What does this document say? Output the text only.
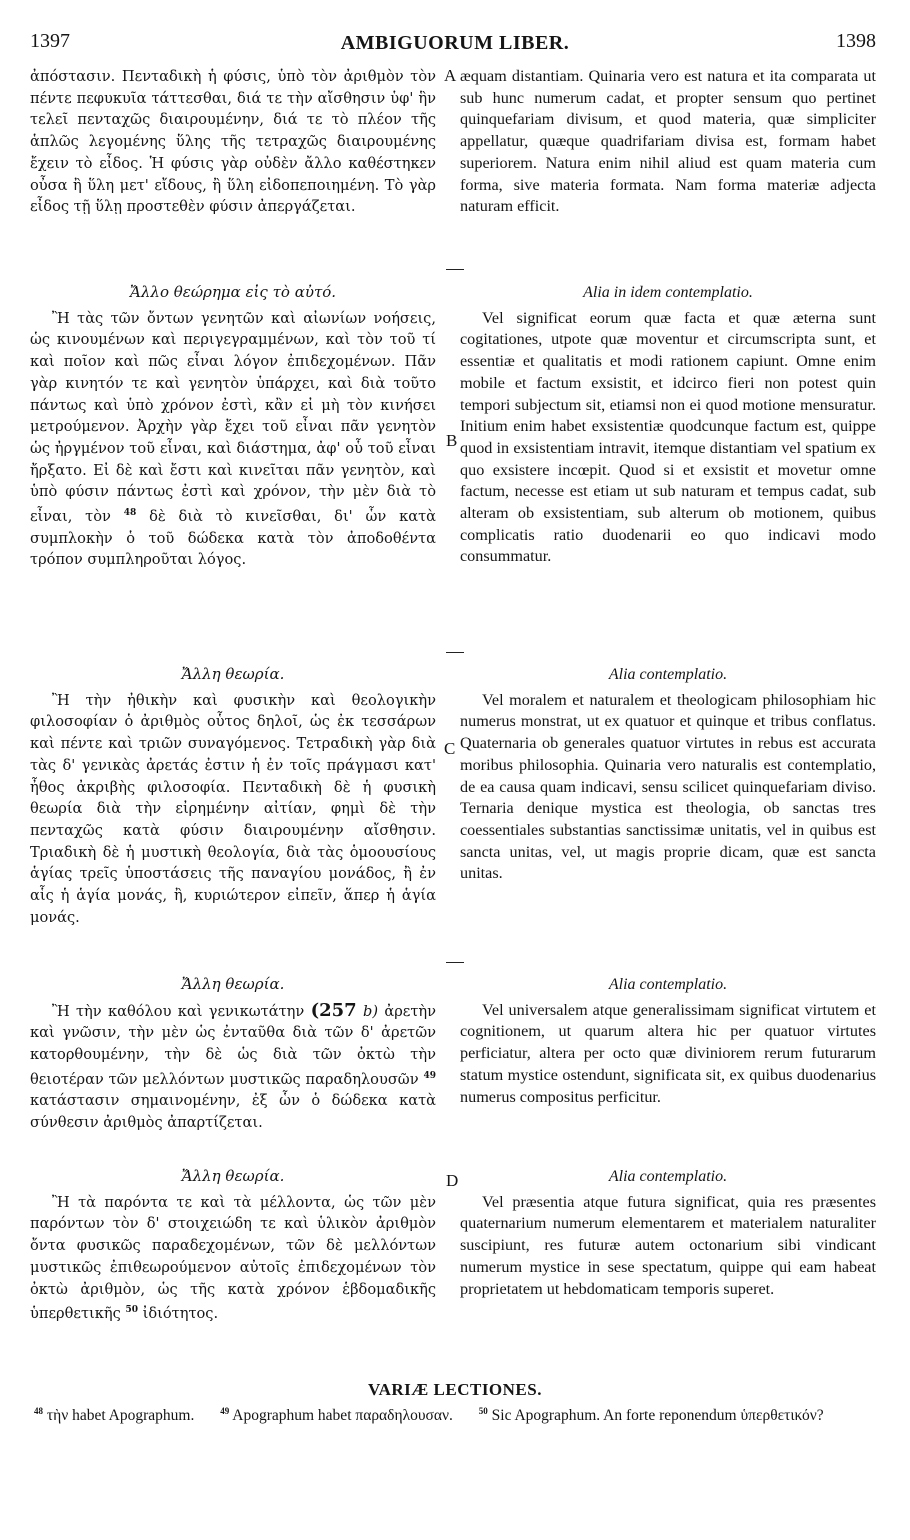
1397	AMBIGUORUM LIBER.	1398
A
B
C
D

ἀπόστασιν. Πενταδικὴ ἡ φύσις, ὑπὸ τὸν ἀριθμὸν τὸν πέντε πεφυκυῖα τάττεσθαι, διά τε τὴν αἴσθησιν ὑφ' ἣν τελεῖ πενταχῶς διαιρουμένην, διά τε τὸ πλέον τῆς ἁπλῶς λεγομένης ὕλης τῆς τετραχῶς διαιρουμένης ἔχειν τὸ εἶδος. Ἡ φύσις γὰρ οὐδὲν ἄλλο καθέστηκεν οὖσα ἢ ὕλη μετ' εἴδους, ἢ ὕλη εἰδοπεποιημένη. Τὸ γὰρ εἶδος τῇ ὕλῃ προστεθὲν φύσιν ἀπεργάζεται.

Ἄλλο θεώρημα εἰς τὸ αὐτό.

Ἢ τὰς τῶν ὄντων γενητῶν καὶ αἰωνίων νοήσεις, ὡς κινουμένων καὶ περιγεγραμμένων, καὶ τὸν τοῦ τί καὶ ποῖον καὶ πῶς εἶναι λόγον ἐπιδεχομένων. Πᾶν γὰρ κινητόν τε καὶ γενητὸν ὑπάρχει, καὶ διὰ τοῦτο πάντως καὶ ὑπὸ χρόνον ἐστὶ, κἂν εἰ μὴ τὸν κινήσει μετρούμενον. Ἀρχὴν γὰρ ἔχει τοῦ εἶναι πᾶν γενητὸν ὡς ἠργμένον τοῦ εἶναι, καὶ διάστημα, ἀφ' οὗ τοῦ εἶναι ἤρξατο. Εἰ δὲ καὶ ἔστι καὶ κινεῖται πᾶν γενητὸν, καὶ ὑπὸ φύσιν πάντως ἐστὶ καὶ χρόνον, τὴν μὲν διὰ τὸ εἶναι, τὸν $^{48}$ δὲ διὰ τὸ κινεῖσθαι, δι' ὧν κατὰ συμπλοκὴν ὁ τοῦ δώδεκα κατὰ τὸν ἀποδοθέντα τρόπον συμπληροῦται λόγος.

Ἄλλη θεωρία.

Ἢ τὴν ἠθικὴν καὶ φυσικὴν καὶ θεολογικὴν φιλοσοφίαν ὁ ἀριθμὸς οὗτος δηλοῖ, ὡς ἐκ τεσσάρων καὶ πέντε καὶ τριῶν συναγόμενος. Τετραδικὴ γὰρ διὰ τὰς δ' γενικὰς ἀρετάς ἐστιν ἡ ἐν τοῖς πράγμασι κατ' ἦθος ἀκριβὴς φιλοσοφία. Πενταδικὴ δὲ ἡ φυσικὴ θεωρία διὰ τὴν εἰρημένην αἰτίαν, φημὶ δὲ τὴν πενταχῶς κατὰ φύσιν διαιρουμένην αἴσθησιν. Τριαδικὴ δὲ ἡ μυστικὴ θεολογία, διὰ τὰς ὁμοουσίους ἁγίας τρεῖς ὑποστάσεις τῆς παναγίου μονάδος, ἢ ἐν αἷς ἡ ἁγία μονάς, ἢ, κυριώτερον εἰπεῖν, ἅπερ ἡ ἁγία μονάς.

Ἄλλη θεωρία.

Ἢ τὴν καθόλου καὶ γενικωτάτην (257 b) ἀρετὴν καὶ γνῶσιν, τὴν μὲν ὡς ἐνταῦθα διὰ τῶν δ' ἀρετῶν κατορθουμένην, τὴν δὲ ὡς διὰ τῶν ὀκτὼ τὴν θειοτέραν τῶν μελλόντων μυστικῶς παραδηλουσῶν $^{49}$ κατάστασιν σημαινομένην, ἐξ ὧν ὁ δώδεκα κατὰ σύνθεσιν ἀριθμὸς ἀπαρτίζεται.

Ἄλλη θεωρία.

Ἢ τὰ παρόντα τε καὶ τὰ μέλλοντα, ὡς τῶν μὲν παρόντων τὸν δ' στοιχειώδη τε καὶ ὑλικὸν ἀριθμὸν ὄντα φυσικῶς παραδεχομένων, τῶν δὲ μελλόντων μυστικῶς ἐπιθεωρούμενον αὐτοῖς ἐπιδεχομένων τὸν ὀκτὼ ἀριθμὸν, ὡς τῆς κατὰ χρόνον ἑβδομαδικῆς ὑπερθετικῆς $^{50}$ ἰδιότητος.

æquam distantiam. Quinaria vero est natura et ita comparata ut sub hunc numerum cadat, et propter sensum quo pertinet quinquefariam divisum, et quod materia, quæ simpliciter appellatur, quæque quadrifariam divisa est, formam habet superiorem. Natura enim nihil aliud est quam materia cum forma, sive materia formata. Nam forma materiæ adjecta naturam efficit.

Alia in idem contemplatio.

Vel significat eorum quæ facta et quæ æterna sunt cogitationes, utpote quæ moventur et circumscripta sunt, et essentiæ et qualitatis et modi rationem capiunt. Omne enim mobile et factum exsistit, et idcirco fieri non potest quin tempori subjectum sit, etiamsi non ei quod motione mensuratur. Initium enim habet exsistentiæ quodcunque factum est, quippe quod in exsistentiam intravit, itemque distantiam vel spatium ex quo exsistere incœpit. Quod si et exsistit et movetur omne factum, necesse est etiam ut sub naturam et tempus cadat, sub alteram ob exsistentiam, sub alterum ob motionem, quibus complicatis ratio duodenarii eo quo indicavi modo consummatur.

Alia contemplatio.

Vel moralem et naturalem et theologicam philosophiam hic numerus monstrat, ut ex quatuor et quinque et tribus conflatus. Quaternaria ob generales quatuor virtutes in rebus est accurata moribus philosophia. Quinaria vero naturalis est contemplatio, de ea causa quam indicavi, sensu scilicet quinquefariam diviso. Ternaria denique mystica est theologia, ob sanctas tres coessentiales substantias sanctissimæ unitatis, vel in quibus est sancta unitas, vel, ut magis proprie dicam, quæ est sancta unitas.

Alia contemplatio.

Vel universalem atque generalissimam significat virtutem et cognitionem, ut quarum altera hic per quatuor virtutes perficiatur, altera per octo quæ diviniorem rerum futurarum statum mystice ostendunt, significata sit, ex quibus duodenarius numerus compositus perficitur.

Alia contemplatio.

Vel præsentia atque futura significat, quia res præsentes quaternarium numerum elementarem et materialem naturaliter suscipiunt, res futuræ autem octonarium sibi vindicant numerum mystice in sese spectatum, quippe qui eam habeat proprietatem ut hebdomaticam temporis superet.

VARIÆ LECTIONES.
$^{48}$ τὴν habet Apographum.	$^{49}$ Apographum habet παραδηλουσαν.	$^{50}$ Sic Apographum. An forte reponendum ὑπερθετικόν?
